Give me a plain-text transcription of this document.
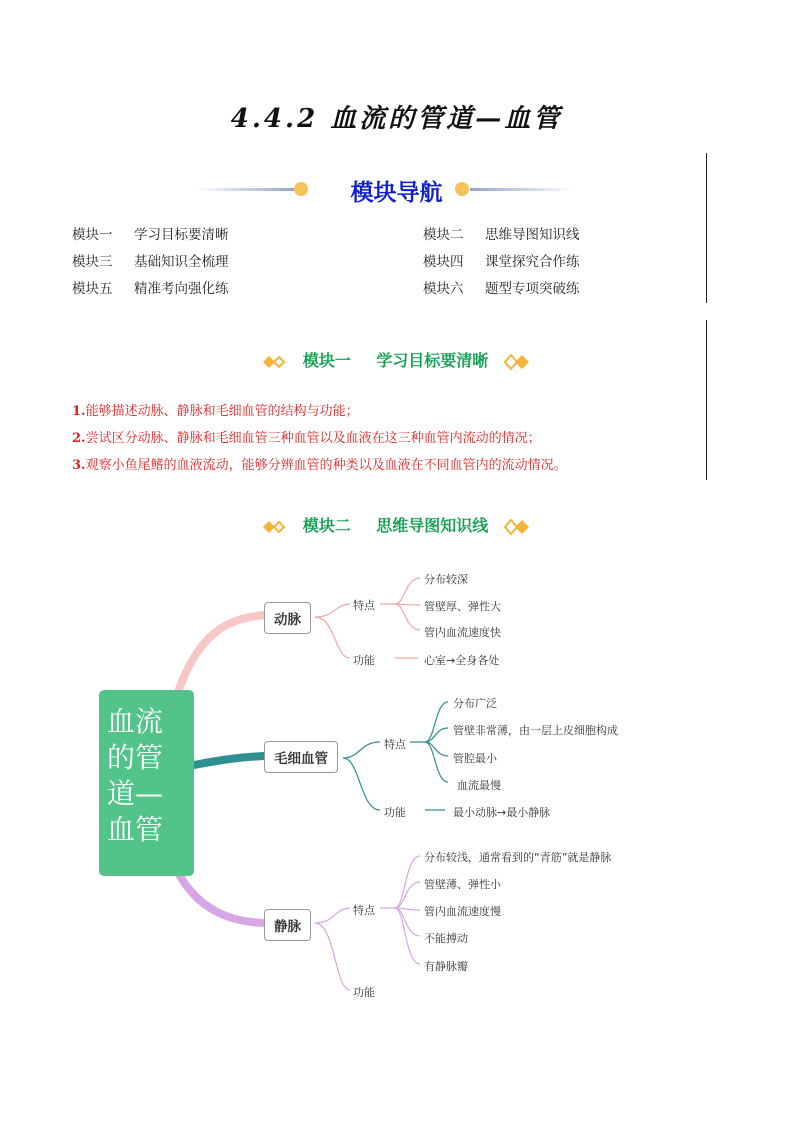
4.4.2 血流的管道—血管
模块导航
模块一 学习目标要清晰	模块二 思维导图知识线
模块三 基础知识全梳理	模块四 课堂探究合作练
模块五 精准考向强化练	模块六 题型专项突破练
模块一 学习目标要清晰
1.能够描述动脉、静脉和毛细血管的结构与功能；
2.尝试区分动脉、静脉和毛细血管三种血管以及血液在这三种血管内流动的情况；
3.观察小鱼尾鳍的血液流动，能够分辨血管的种类以及血液在不同血管内的流动情况。
模块二 思维导图知识线
血流
的管
道—
血管
动脉
特点
分布较深
管壁厚、弹性大
管内血流速度快
功能	心室→全身各处
毛细血管
特点
分布广泛
管壁非常薄，由一层上皮细胞构成
管腔最小
血流最慢
功能	最小动脉→最小静脉
静脉
特点
分布较浅，通常看到的“青筋”就是静脉
管壁薄、弹性小
管内血流速度慢
不能搏动
有静脉瓣
功能
